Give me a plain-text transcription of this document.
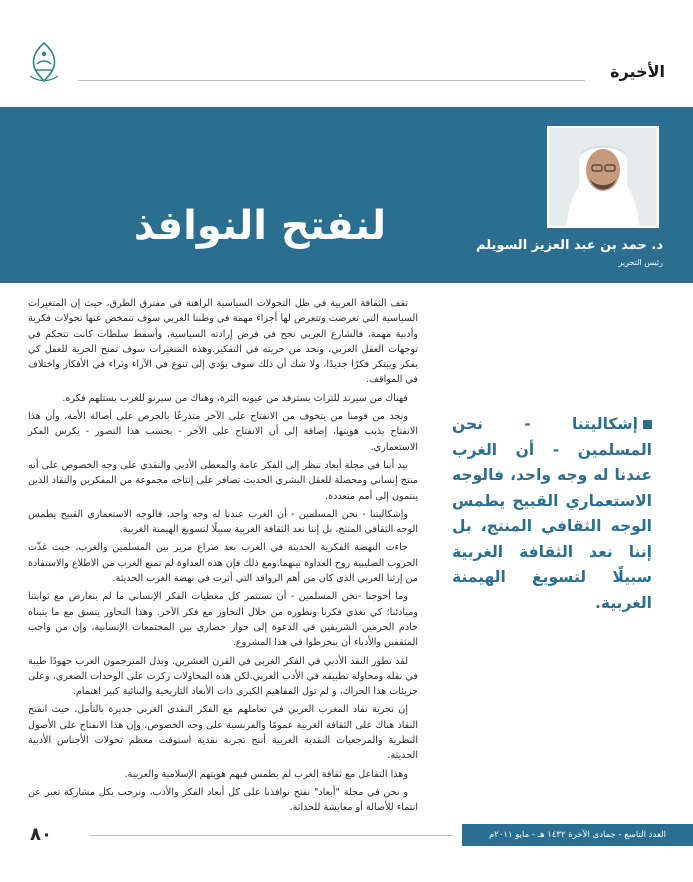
الأخيرة
لنفتح النوافذ	د. حمد بن عبد العزيز السويلم
رئيس التحرير
إشكاليتنا - نحن المسلمين - أن الغرب عندنا له وجه واحد، فالوجه الاستعماري القبيح يطمس الوجه الثقافي المنتج، بل إننا نعد الثقافة الغربية سبيلًا لتسويغ الهيمنة الغربية.

تقف الثقافة العربية في ظل التحولات السياسية الراهنة في مفترق الطرق، حيث إن المتغيرات السياسية التي تعرضت وتتعرض لها أجزاء مهمة في وطننا العربي سوف تتمخض عنها تحولات فكرية وأدبية مهمة، فالشارع العربي نجح في فرض إرادته السياسية، وأسقط سلطات كانت تتحكم في توجهات العقل العربي، وتحد من حريته في التفكير.وهذه المتغيرات سوف تمنح الحرية للعقل كي يفكر ويبتكر فكرًا جديدًا، ولا شك أن ذلك سوف يؤدي إلى تنوع في الآراء وثراء في الأفكار واختلاف في المواقف.

فهناك من سيرتد للتراث يسترفد من عيونه الثرة، وهناك من سيرنو للغرب يستلهم فكره.

ونجد من قومنا من يتخوف من الانفتاح على الآخر متذرعًا بالحرص على أصالة الأمة، وأن هذا الانفتاح يذيب هويتها، إضافة إلى أن الانفتاح على الآخر - بحسب هذا التصور - يكرس الفكر الاستعماري.

بيد أننا في مجلة أبعاد ننظر إلى الفكر عامة والمعطى الأدبي والنقدي على وجه الخصوص على أنه منتج إنساني ومحصلة للعقل البشري الحديث تضافر على إنتاجه مجموعة من المفكرين والنقاد الذين ينتمون إلى أمم متعددة.

وإشكاليتنا - نحن المسلمين - أن الغرب عندنا له وجه واحد، فالوجه الاستعماري القبيح يطمس الوجه الثقافي المنتج، بل إننا نعد الثقافة الغربية سبيلًا لتسويغ الهيمنة الغربية.

جاءت النهضة الفكرية الحديثة في الغرب بعد صراع مرير بين المسلمين والغرب، حيث غذّت الحروب الصليبية روح العداوة بينهما.ومع ذلك فإن هذه العداوة لم تمنع الغرب من الاطلاع والاستفادة من إرثنا العربي الذي كان من أهم الروافد التي أثرت في نهضة الغرب الحديثة.

وما أحوجنا -نحن المسلمين - أن نستثمر كل معطيات الفكر الإنساني ما لم يتعارض مع ثوابتنا ومبادئنا؛ كي نغذي فكرنا ونطوره من خلال التحاور مع فكر الآخر. وهذا التحاور يتسق مع ما يتبناه خادم الحرمين الشريفين في الدعوة إلى حوار حضاري بين المجتمعات الإنسانية، وإن من واجب المثقفين والأدباء أن ينخرطوا في هذا المشروع.

لقد تطور النقد الأدبي في الفكر الغربي في القرن العشرين. وبذل المترجمون العرب جهودًا طيبة في نقله ومحاولة تطبيقه في الأدب العربي.لكن هذه المحاولات ركزت على الوحدات الصغرى، وعلى جزيئات هذا الحراك، و لم تول المفاهيم الكبرى ذات الأبعاد التاريخية والبنائية كبير اهتمام.

إن تجربة نقاد المغرب العربي في تعاملهم مع الفكر النقدي الغربي جديرة بالتأمل، حيث انفتح النقاد هناك على الثقافة الغربية عمومًا والفرنسية على وجه الخصوص، وإن هذا الانفتاح على الأصول النظرية والمرجعيات النقدية الغربية أنتج تجربة نقدية استوفت معظم تحولات الأجناس الأدبية الحديثة.

وهذا التفاعل مع ثقافة الغرب لم يطمس فيهم هويتهم الإسلامية والعربية.

و نحن في مجلة "أبعاد" نفتح نوافذنا على كل أبعاد الفكر والأدب، ونرحب بكل مشاركة تعبر عن انتماء للأصالة أو معايشة للحداثة.

٨٠	العدد التاسع - جمادى الآخرة ١٤٣٢ هـ - مايو ٢٠١١م
